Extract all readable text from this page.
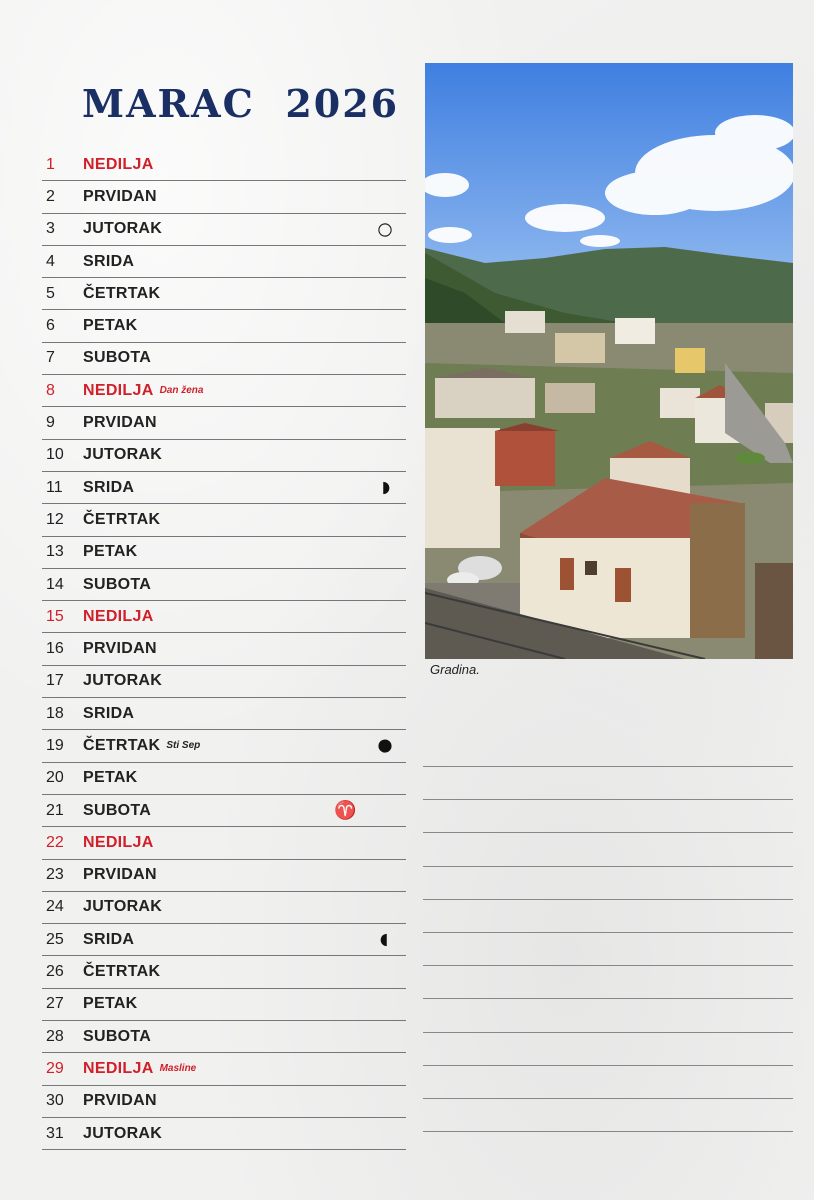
MARAC 2026
1	NEDILJA
2	PRVIDAN
3	JUTORAK
4	SRIDA
5	ČETRTAK
6	PETAK
7	SUBOTA
8	NEDILJA Dan žena
9	PRVIDAN
10	JUTORAK
11	SRIDA
12	ČETRTAK
13	PETAK
14	SUBOTA
15	NEDILJA
16	PRVIDAN
17	JUTORAK
18	SRIDA
19	ČETRTAK Sti Sep
20	PETAK
21	SUBOTA	♈
22	NEDILJA
23	PRVIDAN
24	JUTORAK
25	SRIDA
26	ČETRTAK
27	PETAK
28	SUBOTA
29	NEDILJA Masline
30	PRVIDAN
31	JUTORAK
Gradina.
